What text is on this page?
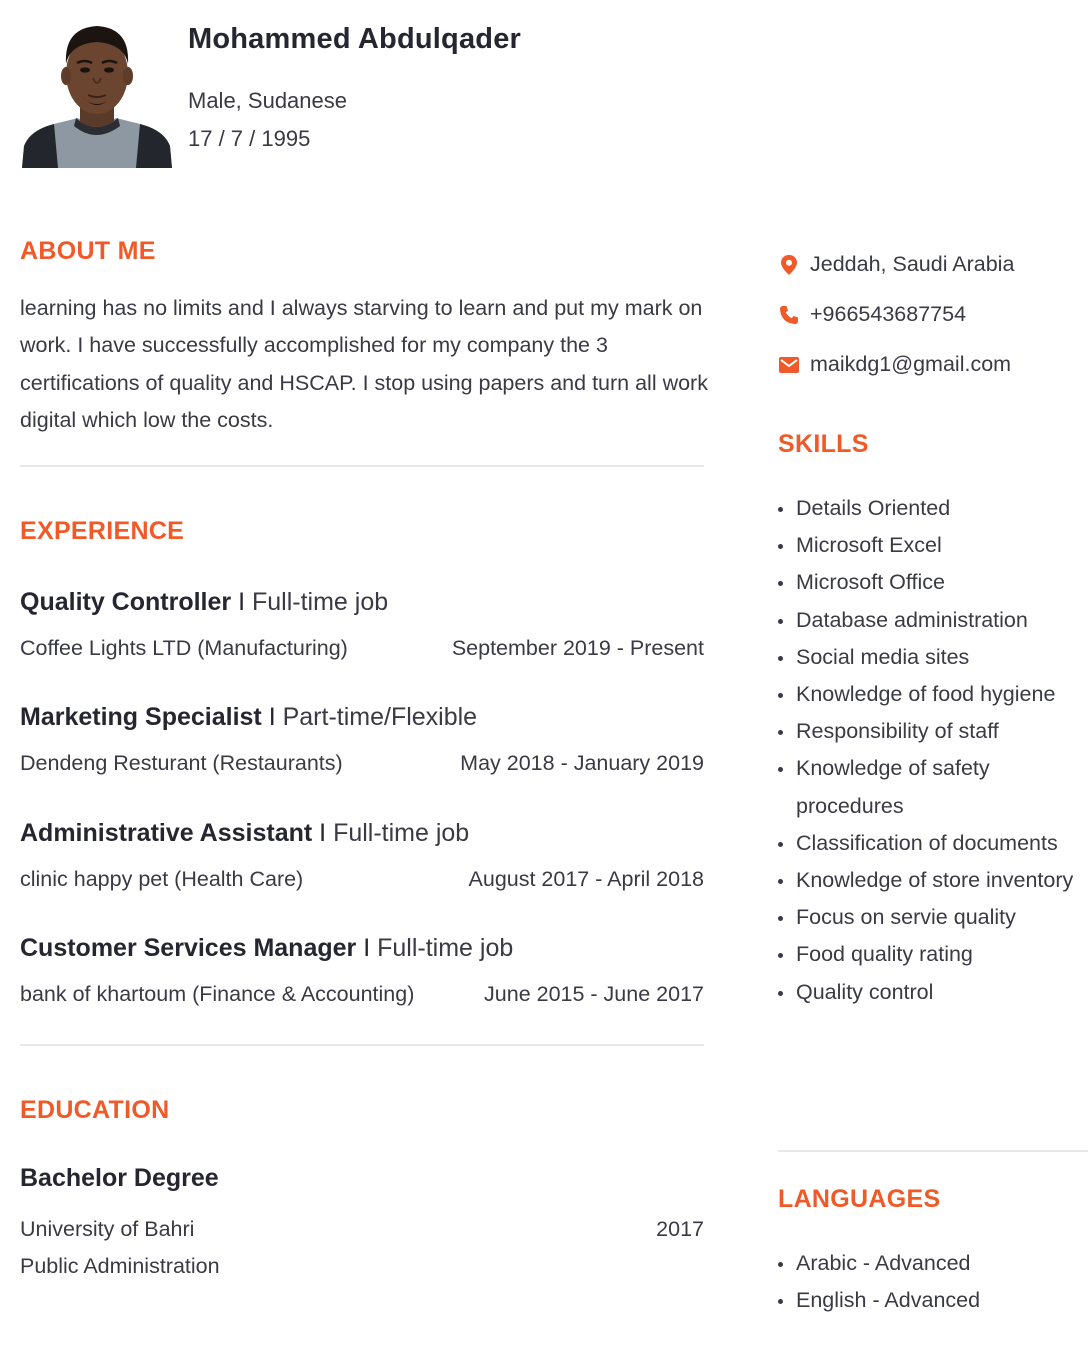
Mohammed Abdulqader
Male, Sudanese
17 / 7 / 1995
ABOUT ME
learning has no limits and I always starving to learn and put my mark on work. I have successfully accomplished for my company the 3 certifications of quality and HSCAP. I stop using papers and turn all work digital which low the costs.
EXPERIENCE
Quality Controller I Full-time job
Coffee Lights LTD (Manufacturing)	September 2019 - Present
Marketing Specialist I Part-time/Flexible
Dendeng Resturant (Restaurants)	May 2018 - January 2019
Administrative Assistant I Full-time job
clinic happy pet (Health Care)	August 2017 - April 2018
Customer Services Manager I Full-time job
bank of khartoum (Finance & Accounting)	June 2015 - June 2017
EDUCATION
Bachelor Degree
University of Bahri	2017
Public Administration
Jeddah, Saudi Arabia
+966543687754
maikdg1@gmail.com
SKILLS
Details Oriented
Microsoft Excel
Microsoft Office
Database administration
Social media sites
Knowledge of food hygiene
Responsibility of staff
Knowledge of safety procedures
Classification of documents
Knowledge of store inventory
Focus on servie quality
Food quality rating
Quality control
LANGUAGES
Arabic - Advanced
English - Advanced
